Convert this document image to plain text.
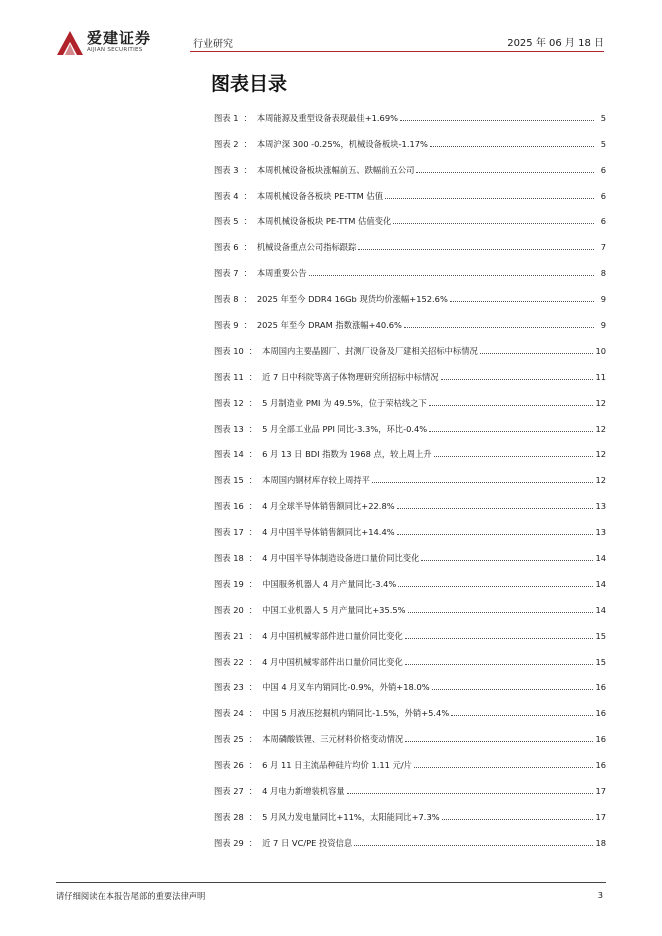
爱建证券
AIJIAN SECURITIES	行业研究	2025 年 06 月 18 日
图表目录
图表 1 ： 本周能源及重型设备表现最佳+1.69%	5
图表 2 ： 本周沪深 300 -0.25%，机械设备板块-1.17%	5
图表 3 ： 本周机械设备板块涨幅前五、跌幅前五公司	6
图表 4 ： 本周机械设备各板块 PE-TTM 估值	6
图表 5 ： 本周机械设备板块 PE-TTM 估值变化	6
图表 6 ： 机械设备重点公司指标跟踪	7
图表 7 ： 本周重要公告	8
图表 8 ： 2025 年至今 DDR4 16Gb 现货均价涨幅+152.6%	9
图表 9 ： 2025 年至今 DRAM 指数涨幅+40.6%	9
图表 10 ： 本周国内主要晶圆厂、封测厂设备及厂建相关招标中标情况	10
图表 11 ： 近 7 日中科院等离子体物理研究所招标中标情况	11
图表 12 ： 5 月制造业 PMI 为 49.5%，位于荣枯线之下	12
图表 13 ： 5 月全部工业品 PPI 同比-3.3%，环比-0.4%	12
图表 14 ： 6 月 13 日 BDI 指数为 1968 点，较上周上升	12
图表 15 ： 本周国内钢材库存较上周持平	12
图表 16 ： 4 月全球半导体销售额同比+22.8%	13
图表 17 ： 4 月中国半导体销售额同比+14.4%	13
图表 18 ： 4 月中国半导体制造设备进口量价同比变化	14
图表 19 ： 中国服务机器人 4 月产量同比-3.4%	14
图表 20 ： 中国工业机器人 5 月产量同比+35.5%	14
图表 21 ： 4 月中国机械零部件进口量价同比变化	15
图表 22 ： 4 月中国机械零部件出口量价同比变化	15
图表 23 ： 中国 4 月叉车内销同比-0.9%，外销+18.0%	16
图表 24 ： 中国 5 月液压挖掘机内销同比-1.5%，外销+5.4%	16
图表 25 ： 本周磷酸铁锂、三元材料价格变动情况	16
图表 26 ： 6 月 11 日主流品种硅片均价 1.11 元/片	16
图表 27 ： 4 月电力新增装机容量	17
图表 28 ： 5 月风力发电量同比+11%，太阳能同比+7.3%	17
图表 29 ： 近 7 日 VC/PE 投资信息	18
请仔细阅读在本报告尾部的重要法律声明	3
